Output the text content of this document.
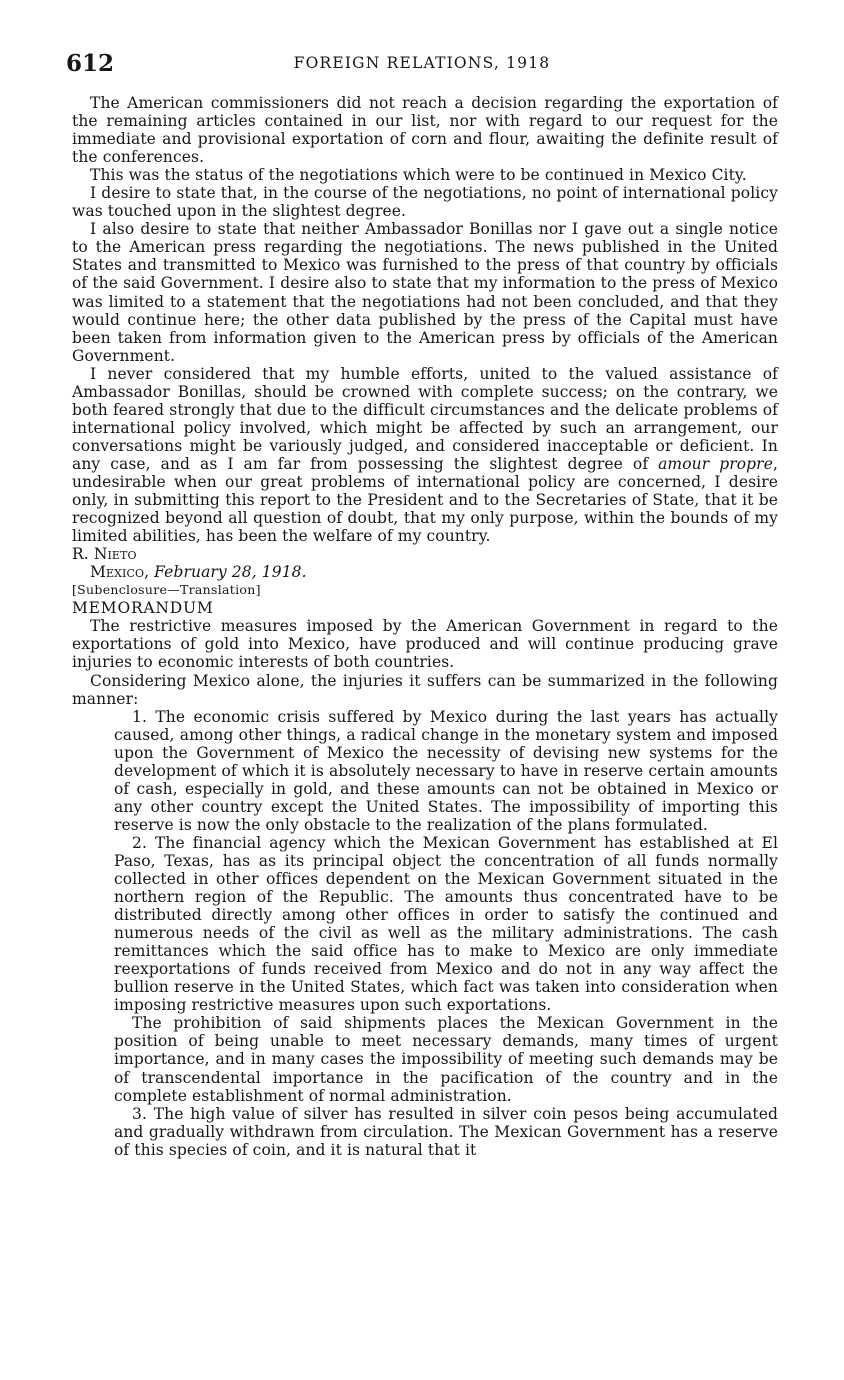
612	FOREIGN RELATIONS, 1918

The American commissioners did not reach a decision regarding the exportation of the remaining articles contained in our list, nor with regard to our request for the immediate and provisional exportation of corn and flour, awaiting the definite result of the conferences.

This was the status of the negotiations which were to be continued in Mexico City.

I desire to state that, in the course of the negotiations, no point of international policy was touched upon in the slightest degree.

I also desire to state that neither Ambassador Bonillas nor I gave out a single notice to the American press regarding the negotiations. The news published in the United States and transmitted to Mexico was furnished to the press of that country by officials of the said Government. I desire also to state that my information to the press of Mexico was limited to a statement that the negotiations had not been concluded, and that they would continue here; the other data published by the press of the Capital must have been taken from information given to the American press by officials of the American Government.

I never considered that my humble efforts, united to the valued assistance of Ambassador Bonillas, should be crowned with complete success; on the contrary, we both feared strongly that due to the difficult circumstances and the delicate problems of international policy involved, which might be affected by such an arrangement, our conversations might be variously judged, and considered inacceptable or deficient. In any case, and as I am far from possessing the slightest degree of amour propre, undesirable when our great problems of international policy are concerned, I desire only, in submitting this report to the President and to the Secretaries of State, that it be recognized beyond all question of doubt, that my only purpose, within the bounds of my limited abilities, has been the welfare of my country.

R. Nieto

Mexico, February 28, 1918.

[Subenclosure—Translation]

MEMORANDUM

The restrictive measures imposed by the American Government in regard to the exportations of gold into Mexico, have produced and will continue producing grave injuries to economic interests of both countries.

Considering Mexico alone, the injuries it suffers can be summarized in the following manner:

1. The economic crisis suffered by Mexico during the last years has actually caused, among other things, a radical change in the monetary system and imposed upon the Government of Mexico the necessity of devising new systems for the development of which it is absolutely necessary to have in reserve certain amounts of cash, especially in gold, and these amounts can not be obtained in Mexico or any other country except the United States. The impossibility of importing this reserve is now the only obstacle to the realization of the plans formulated.

2. The financial agency which the Mexican Government has established at El Paso, Texas, has as its principal object the concentration of all funds normally collected in other offices dependent on the Mexican Government situated in the northern region of the Republic. The amounts thus concentrated have to be distributed directly among other offices in order to satisfy the continued and numerous needs of the civil as well as the military administrations. The cash remittances which the said office has to make to Mexico are only immediate reexportations of funds received from Mexico and do not in any way affect the bullion reserve in the United States, which fact was taken into consideration when imposing restrictive measures upon such exportations.

The prohibition of said shipments places the Mexican Government in the position of being unable to meet necessary demands, many times of urgent importance, and in many cases the impossibility of meeting such demands may be of transcendental importance in the pacification of the country and in the complete establishment of normal administration.

3. The high value of silver has resulted in silver coin pesos being accumulated and gradually withdrawn from circulation. The Mexican Government has a reserve of this species of coin, and it is natural that it
